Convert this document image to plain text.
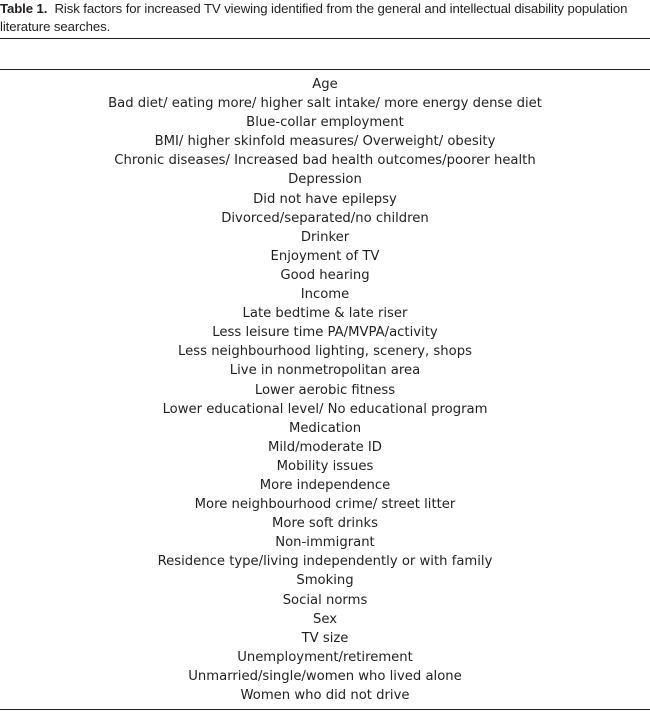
Table 1. Risk factors for increased TV viewing identified from the general and intellectual disability population literature searches.
Age
Bad diet/ eating more/ higher salt intake/ more energy dense diet
Blue-collar employment
BMI/ higher skinfold measures/ Overweight/ obesity
Chronic diseases/ Increased bad health outcomes/poorer health
Depression
Did not have epilepsy
Divorced/separated/no children
Drinker
Enjoyment of TV
Good hearing
Income
Late bedtime & late riser
Less leisure time PA/MVPA/activity
Less neighbourhood lighting, scenery, shops
Live in nonmetropolitan area
Lower aerobic fitness
Lower educational level/ No educational program
Medication
Mild/moderate ID
Mobility issues
More independence
More neighbourhood crime/ street litter
More soft drinks
Non-immigrant
Residence type/living independently or with family
Smoking
Social norms
Sex
TV size
Unemployment/retirement
Unmarried/single/women who lived alone
Women who did not drive
